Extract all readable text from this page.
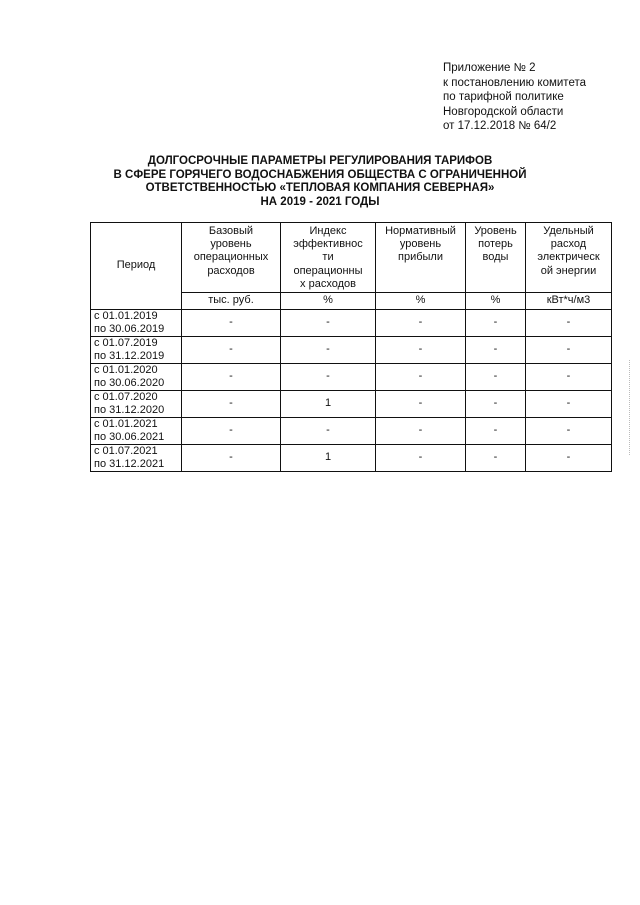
Приложение № 2
к постановлению комитета
по тарифной политике
Новгородской области
от 17.12.2018 № 64/2
ДОЛГОСРОЧНЫЕ ПАРАМЕТРЫ РЕГУЛИРОВАНИЯ ТАРИФОВ
В СФЕРЕ ГОРЯЧЕГО ВОДОСНАБЖЕНИЯ ОБЩЕСТВА С ОГРАНИЧЕННОЙ
ОТВЕТСТВЕННОСТЬЮ «ТЕПЛОВАЯ КОМПАНИЯ СЕВЕРНАЯ»
НА 2019 - 2021 ГОДЫ
Период	Базовый
уровень
операционных
расходов	Индекс
эффективнос
ти
операционны
х расходов	Нормативный
уровень
прибыли	Уровень
потерь
воды	Удельный
расход
электрическ
ой энергии

	тыс. руб.	%	%	%	кВт*ч/м3

с 01.01.2019
по 30.06.2019	-	-	-	-	-

с 01.07.2019
по 31.12.2019	-	-	-	-	-

с 01.01.2020
по 30.06.2020	-	-	-	-	-

с 01.07.2020
по 31.12.2020	-	1	-	-	-

с 01.01.2021
по 30.06.2021	-	-	-	-	-

с 01.07.2021
по 31.12.2021	-	1	-	-	-
